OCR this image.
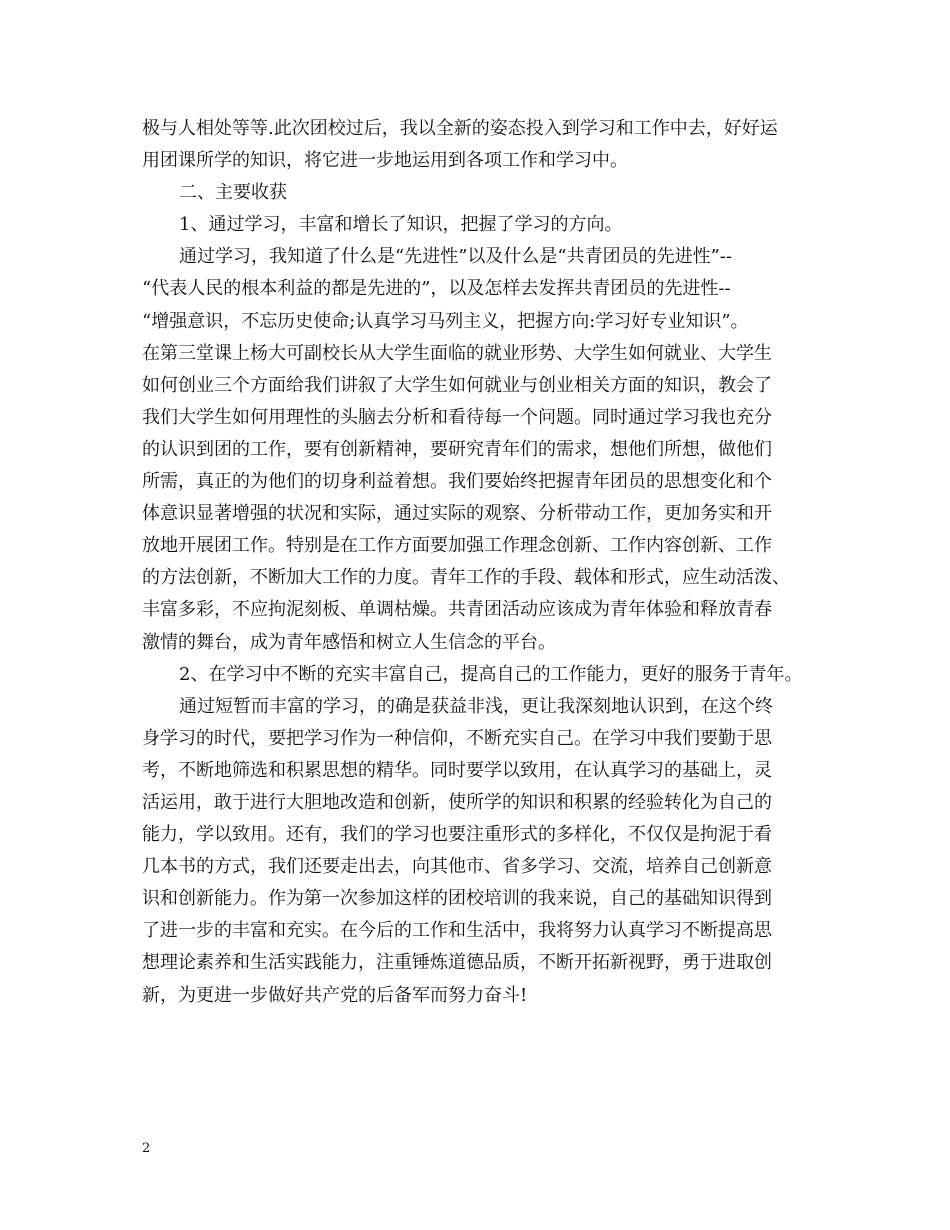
极与人相处等等.此次团校过后，我以全新的姿态投入到学习和工作中去，好好运
用团课所学的知识，将它进一步地运用到各项工作和学习中。
二、主要收获
1、通过学习，丰富和增长了知识，把握了学习的方向。
通过学习，我知道了什么是“先进性”以及什么是“共青团员的先进性”--
“代表人民的根本利益的都是先进的”，以及怎样去发挥共青团员的先进性--
“增强意识，不忘历史使命;认真学习马列主义，把握方向:学习好专业知识”。
在第三堂课上杨大可副校长从大学生面临的就业形势、大学生如何就业、大学生
如何创业三个方面给我们讲叙了大学生如何就业与创业相关方面的知识，教会了
我们大学生如何用理性的头脑去分析和看待每一个问题。同时通过学习我也充分
的认识到团的工作，要有创新精神，要研究青年们的需求，想他们所想，做他们
所需，真正的为他们的切身利益着想。我们要始终把握青年团员的思想变化和个
体意识显著增强的状况和实际，通过实际的观察、分析带动工作，更加务实和开
放地开展团工作。特别是在工作方面要加强工作理念创新、工作内容创新、工作
的方法创新，不断加大工作的力度。青年工作的手段、载体和形式，应生动活泼、
丰富多彩，不应拘泥刻板、单调枯燥。共青团活动应该成为青年体验和释放青春
激情的舞台，成为青年感悟和树立人生信念的平台。
2、在学习中不断的充实丰富自己，提高自己的工作能力，更好的服务于青年。
通过短暂而丰富的学习，的确是获益非浅，更让我深刻地认识到，在这个终
身学习的时代，要把学习作为一种信仰，不断充实自己。在学习中我们要勤于思
考，不断地筛选和积累思想的精华。同时要学以致用，在认真学习的基础上，灵
活运用，敢于进行大胆地改造和创新，使所学的知识和积累的经验转化为自己的
能力，学以致用。还有，我们的学习也要注重形式的多样化，不仅仅是拘泥于看
几本书的方式，我们还要走出去，向其他市、省多学习、交流，培养自己创新意
识和创新能力。作为第一次参加这样的团校培训的我来说，自己的基础知识得到
了进一步的丰富和充实。在今后的工作和生活中，我将努力认真学习不断提高思
想理论素养和生活实践能力，注重锤炼道德品质，不断开拓新视野，勇于进取创
新，为更进一步做好共产党的后备军而努力奋斗!
2
